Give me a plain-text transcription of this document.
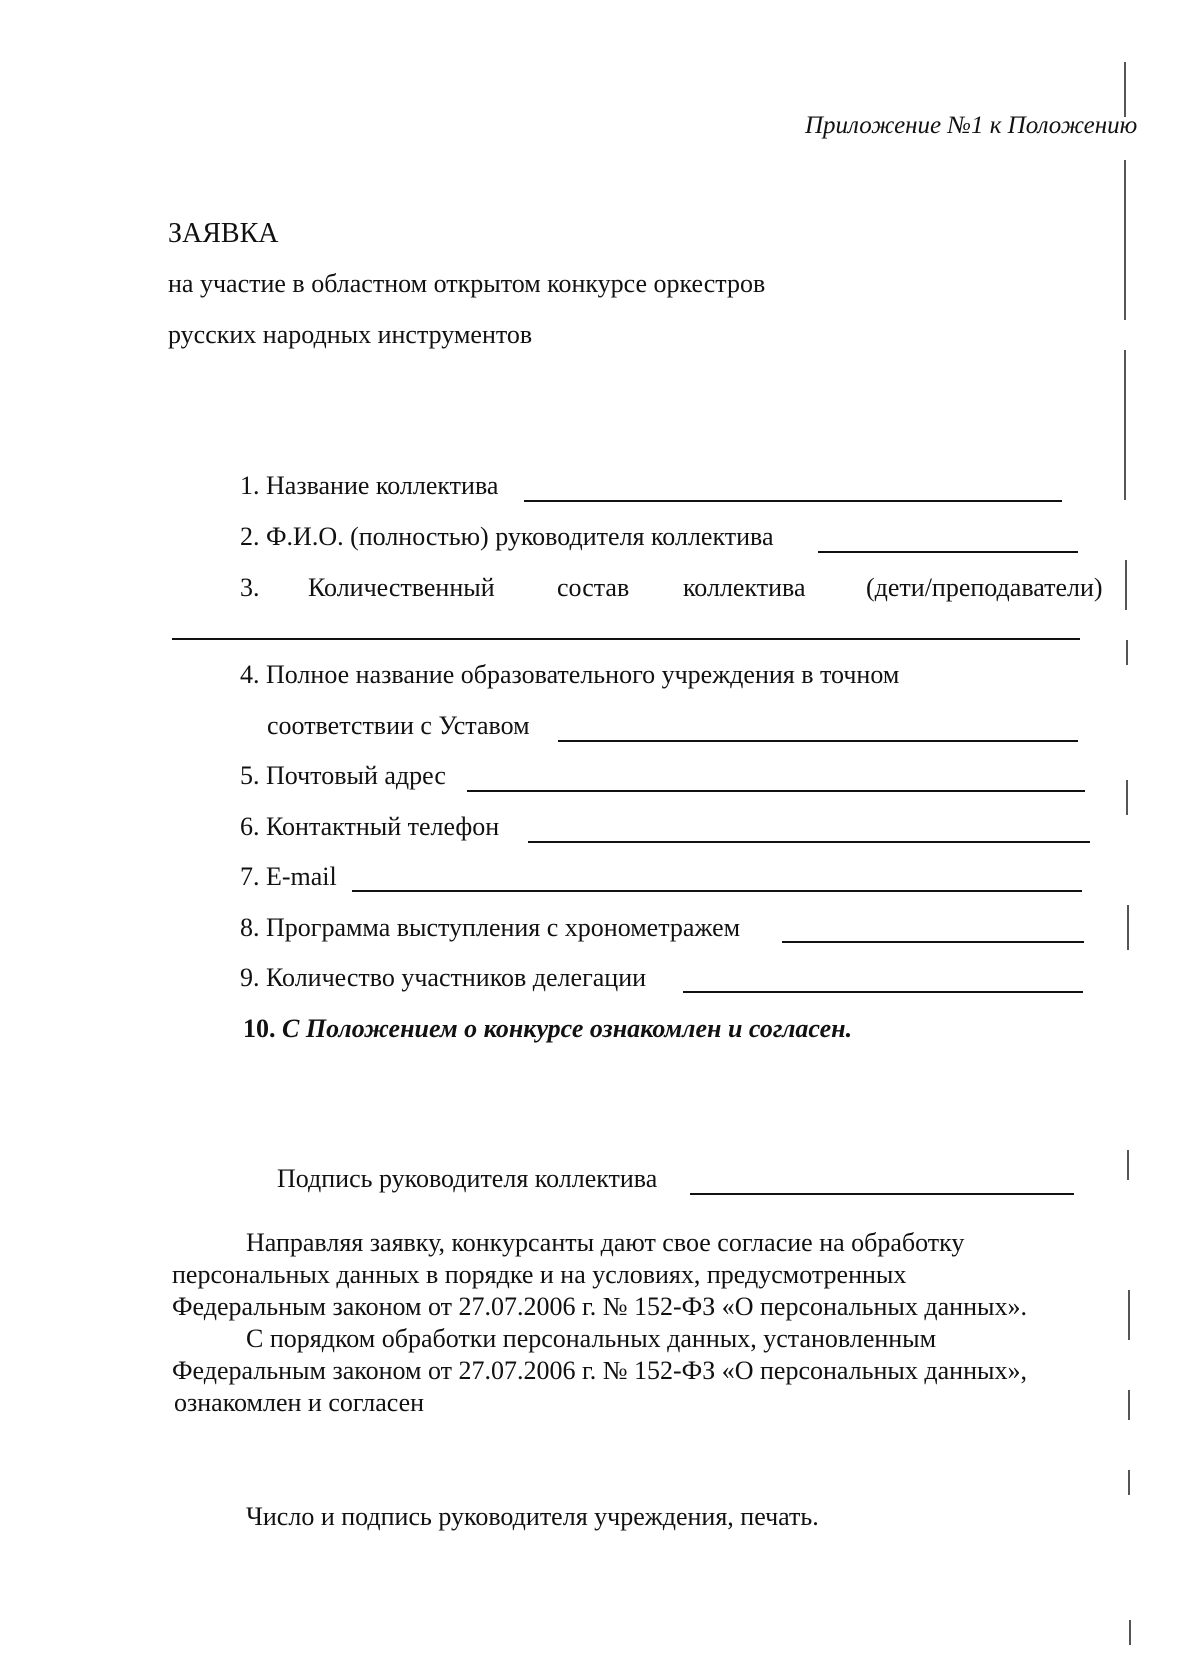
Приложение №1 к Положению
ЗАЯВКА
на участие в областном открытом конкурсе оркестров
русских народных инструментов
1. Название коллектива
2. Ф.И.О. (полностью) руководителя коллектива
3. Количественный состав коллектива (дети/преподаватели)
4. Полное название образовательного учреждения в точном
соответствии с Уставом
5. Почтовый адрес
6. Контактный телефон
7. E-mail
8. Программа выступления с хронометражем
9. Количество участников делегации
10. С Положением о конкурсе ознакомлен и согласен.
Подпись руководителя коллектива
Направляя заявку, конкурсанты дают свое согласие на обработку
персональных данных в порядке и на условиях, предусмотренных
Федеральным законом от 27.07.2006 г. № 152-ФЗ «О персональных данных».
С порядком обработки персональных данных, установленным
Федеральным законом от 27.07.2006 г. № 152-ФЗ «О персональных данных»,
ознакомлен и согласен
Число и подпись руководителя учреждения, печать.
